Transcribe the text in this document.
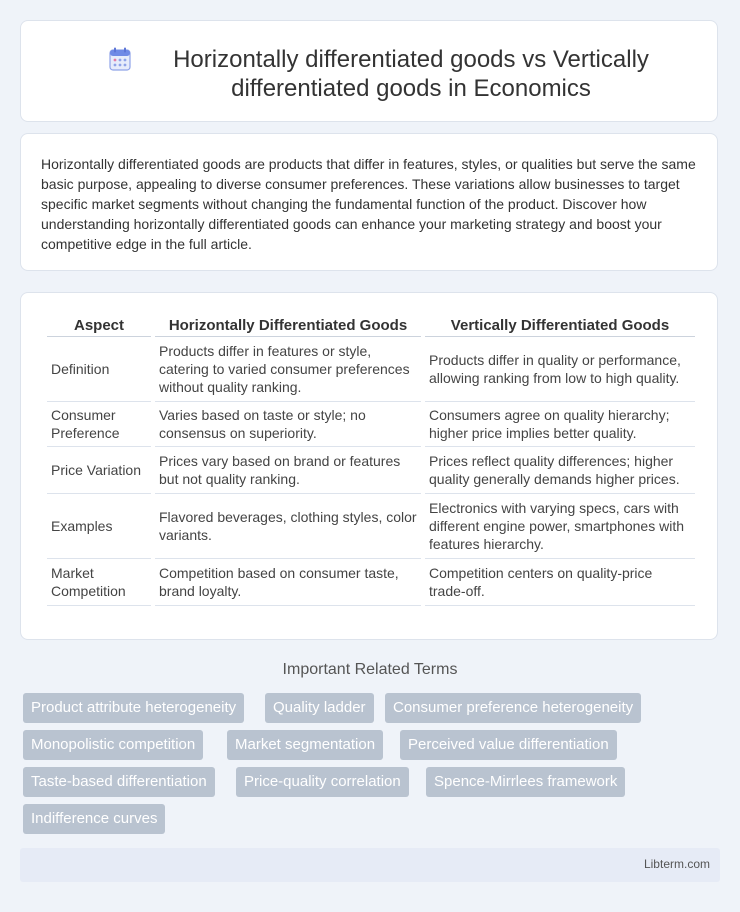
Horizontally differentiated goods vs Vertically
differentiated goods in Economics

Horizontally differentiated goods are products that differ in features, styles, or qualities but serve the same basic purpose, appealing to diverse consumer preferences. These variations allow businesses to target specific market segments without changing the fundamental function of the product. Discover how understanding horizontally differentiated goods can enhance your marketing strategy and boost your competitive edge in the full article.

Aspect	Horizontally Differentiated Goods	Vertically Differentiated Goods
Definition	Products differ in features or style, catering to varied consumer preferences without quality ranking.	Products differ in quality or performance, allowing ranking from low to high quality.
Consumer Preference	Varies based on taste or style; no consensus on superiority.	Consumers agree on quality hierarchy; higher price implies better quality.
Price Variation	Prices vary based on brand or features but not quality ranking.	Prices reflect quality differences; higher quality generally demands higher prices.
Examples	Flavored beverages, clothing styles, color variants.	Electronics with varying specs, cars with different engine power, smartphones with features hierarchy.
Market Competition	Competition based on consumer taste, brand loyalty.	Competition centers on quality-price trade-off.
Important Related Terms
Product attribute heterogeneity	Quality ladder	Consumer preference heterogeneity
Monopolistic competition	Market segmentation	Perceived value differentiation
Taste-based differentiation	Price-quality correlation	Spence-Mirrlees framework
Indifference curves
Libterm.com
